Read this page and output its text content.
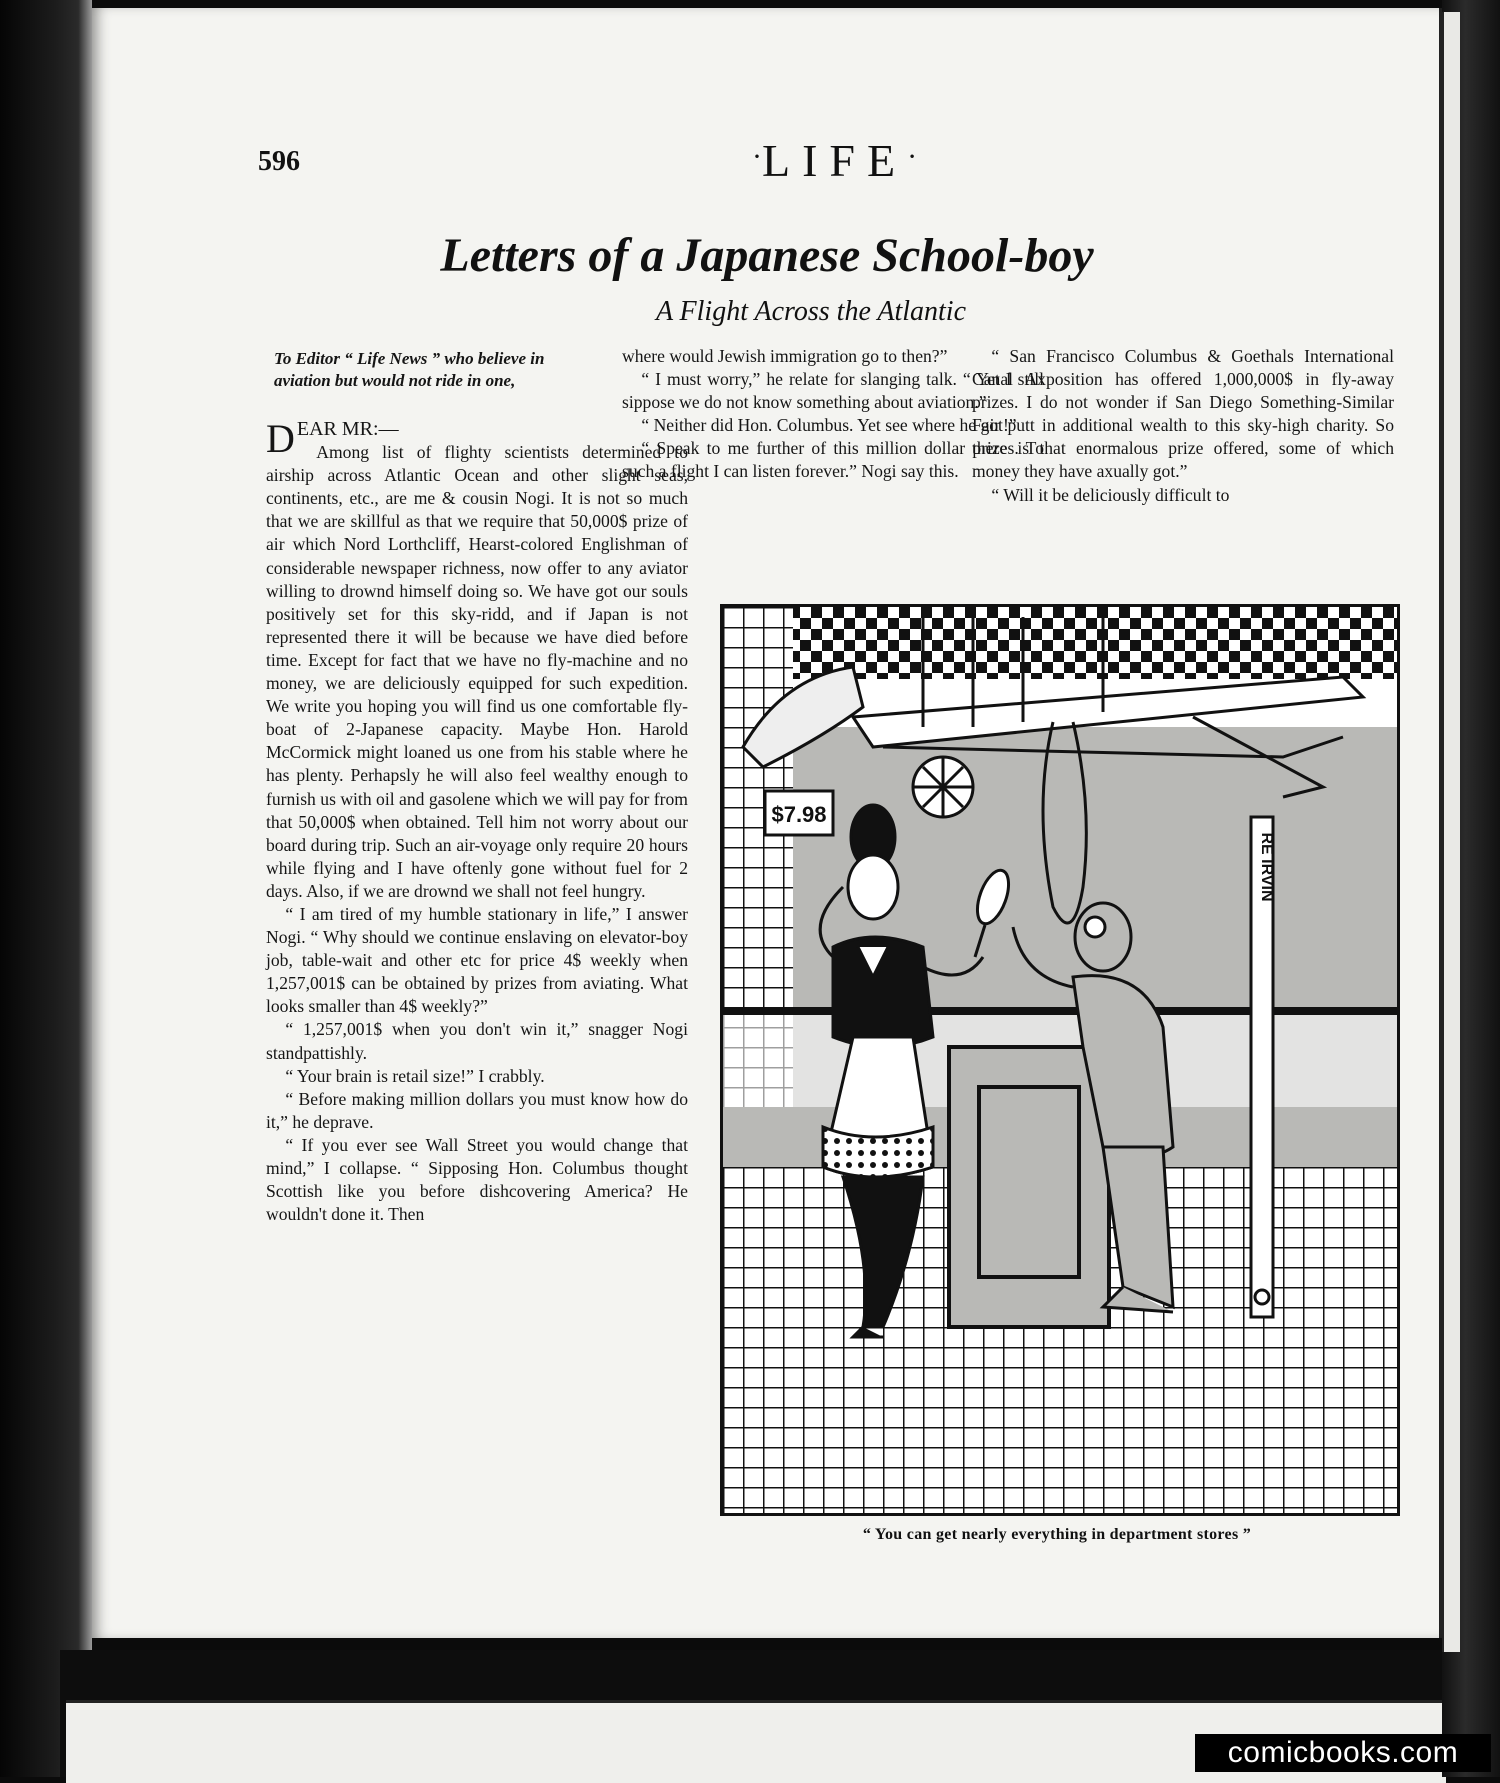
596	·LIFE·
Letters of a Japanese School-boy
A Flight Across the Atlantic
To Editor “ Life News ” who believe in
aviation but would not ride in one,

DEAR MR:—

Among list of flighty scientists determined to airship across Atlantic Ocean and other slight seas, continents, etc., are me & cousin Nogi. It is not so much that we are skillful as that we require that 50,000$ prize of air which Nord Lorthcliff, Hearst-colored Englishman of considerable newspaper richness, now offer to any aviator willing to drownd himself doing so. We have got our souls positively set for this sky-ridd, and if Japan is not represented there it will be because we have died before time. Except for fact that we have no fly-machine and no money, we are deliciously equipped for such expedition. We write you hoping you will find us one comfortable fly-boat of 2-Japanese capacity. Maybe Hon. Harold McCormick might loaned us one from his stable where he has plenty. Perhapsly he will also feel wealthy enough to furnish us with oil and gasolene which we will pay for from that 50,000$ when obtained. Tell him not worry about our board during trip. Such an air-voyage only require 20 hours while flying and I have oftenly gone without fuel for 2 days. Also, if we are drownd we shall not feel hungry.

“ I am tired of my humble stationary in life,” I answer Nogi. “ Why should we continue enslaving on elevator-boy job, table-wait and other etc for price 4$ weekly when 1,257,001$ can be obtained by prizes from aviating. What looks smaller than 4$ weekly?”

“ 1,257,001$ when you don't win it,” snagger Nogi standpattishly.

“ Your brain is retail size!” I crabbly.

“ Before making million dollars you must know how do it,” he deprave.

“ If you ever see Wall Street you would change that mind,” I collapse. “ Sipposing Hon. Columbus thought Scottish like you before dishcovering America? He wouldn't done it. Then

where would Jewish immigration go to then?”

“ I must worry,” he relate for slanging talk. “ Yet I still sippose we do not know something about aviation.”

“ Neither did Hon. Columbus. Yet see where he got!”

“ Speak to me further of this million dollar prizes. To such a flight I can listen forever.” Nogi say this.

“ San Francisco Columbus & Goethals International Canal Axposition has offered 1,000,000$ in fly-away prizes. I do not wonder if San Diego Something-Similar Fair putt in additional wealth to this sky-high charity. So there is that enormalous prize offered, some of which money they have axually got.”

“ Will it be deliciously difficult to

$7.98
RE IRVIN
“ You can get nearly everything in department stores ”
comicbooks.com
